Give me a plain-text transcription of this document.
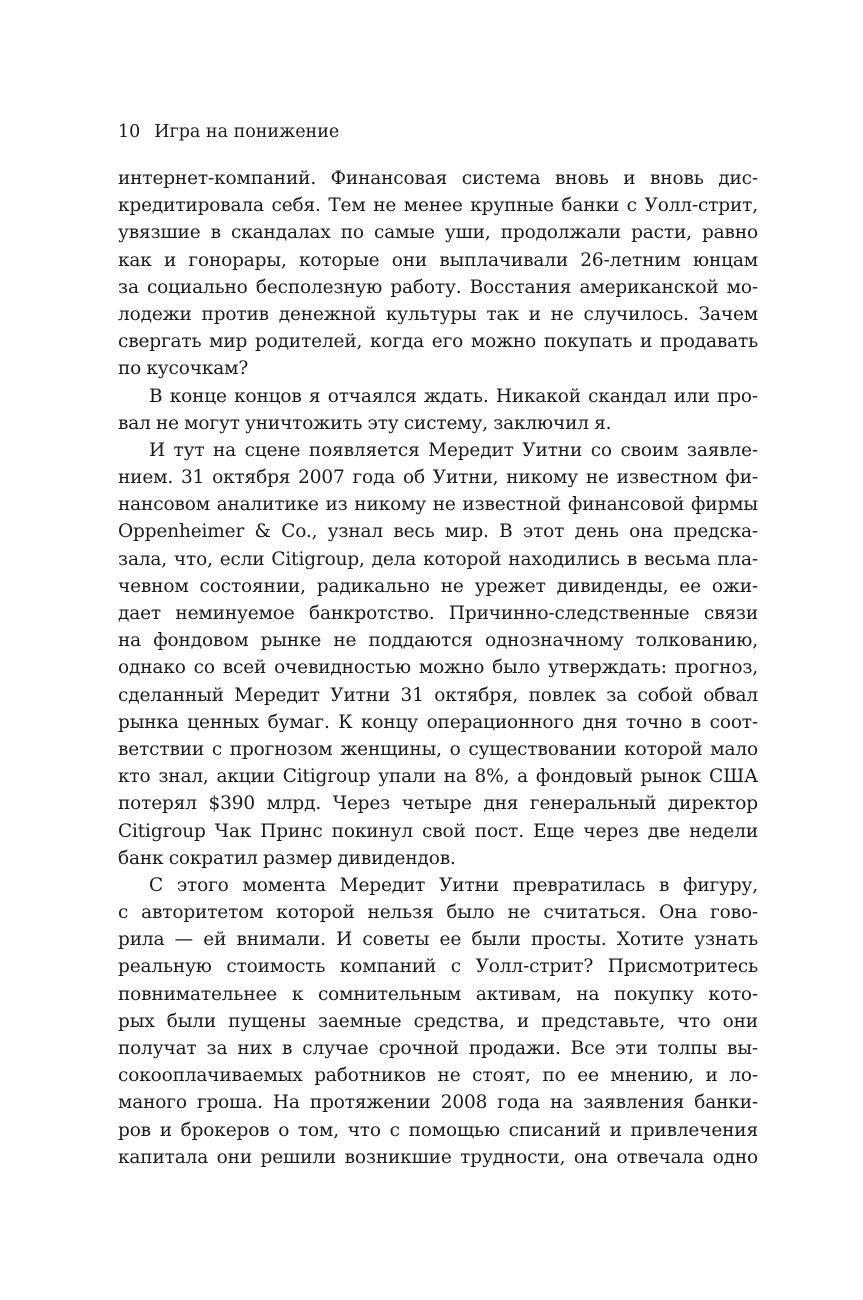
10 Игра на понижение
интернет-компаний. Финансовая система вновь и вновь дис-
кредитировала себя. Тем не менее крупные банки с Уолл-стрит,
увязшие в скандалах по самые уши, продолжали расти, равно
как и гонорары, которые они выплачивали 26-летним юнцам
за социально бесполезную работу. Восстания американской мо-
лодежи против денежной культуры так и не случилось. Зачем
свергать мир родителей, когда его можно покупать и продавать
по кусочкам?
В конце концов я отчаялся ждать. Никакой скандал или про-
вал не могут уничтожить эту систему, заключил я.
И тут на сцене появляется Мередит Уитни со своим заявле-
нием. 31 октября 2007 года об Уитни, никому не известном фи-
нансовом аналитике из никому не известной финансовой фирмы
Oppenheimer & Co., узнал весь мир. В этот день она предска-
зала, что, если Citigroup, дела которой находились в весьма пла-
чевном состоянии, радикально не урежет дивиденды, ее ожи-
дает неминуемое банкротство. Причинно-следственные связи
на фондовом рынке не поддаются однозначному толкованию,
однако со всей очевидностью можно было утверждать: прогноз,
сделанный Мередит Уитни 31 октября, повлек за собой обвал
рынка ценных бумаг. К концу операционного дня точно в соот-
ветствии с прогнозом женщины, о существовании которой мало
кто знал, акции Citigroup упали на 8%, а фондовый рынок США
потерял $390 млрд. Через четыре дня генеральный директор
Citigroup Чак Принс покинул свой пост. Еще через две недели
банк сократил размер дивидендов.
С этого момента Мередит Уитни превратилась в фигуру,
с авторитетом которой нельзя было не считаться. Она гово-
рила — ей внимали. И советы ее были просты. Хотите узнать
реальную стоимость компаний с Уолл-стрит? Присмотритесь
повнимательнее к сомнительным активам, на покупку кото-
рых были пущены заемные средства, и представьте, что они
получат за них в случае срочной продажи. Все эти толпы вы-
сокооплачиваемых работников не стоят, по ее мнению, и ло-
маного гроша. На протяжении 2008 года на заявления банки-
ров и брокеров о том, что с помощью списаний и привлечения
капитала они решили возникшие трудности, она отвечала одно
